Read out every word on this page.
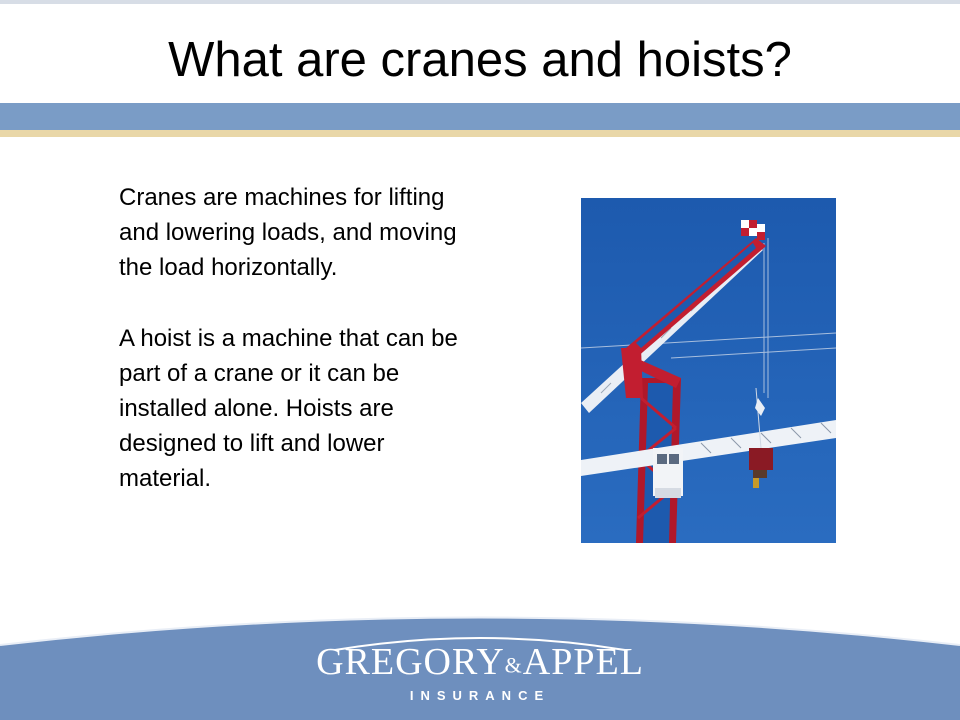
What are cranes and hoists?

Cranes are machines for lifting and lowering loads, and moving the load horizontally.

A hoist is a machine that can be part of a crane or it can be installed alone. Hoists are designed to lift and lower material.

GREGORY&APPEL
INSURANCE
